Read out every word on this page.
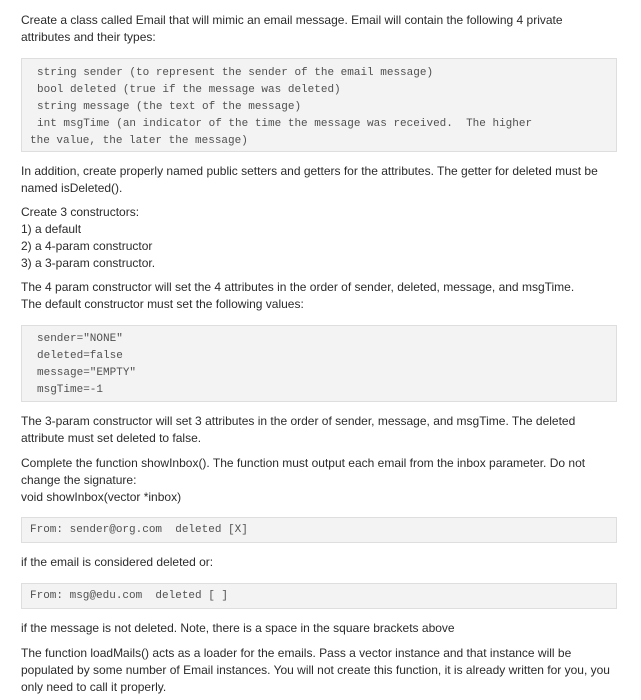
Create a class called Email that will mimic an email message. Email will contain the following 4 private
attributes and their types:

string sender (to represent the sender of the email message)
bool deleted (true if the message was deleted)
string message (the text of the message)
int msgTime (an indicator of the time the message was received.  The higher
the value, the later the message)

In addition, create properly named public setters and getters for the attributes. The getter for deleted must be
named isDeleted().

Create 3 constructors:
1) a default
2) a 4-param constructor
3) a 3-param constructor.

The 4 param constructor will set the 4 attributes in the order of sender, deleted, message, and msgTime.
The default constructor must set the following values:

sender="NONE"
deleted=false
message="EMPTY"
msgTime=-1

The 3-param constructor will set 3 attributes in the order of sender, message, and msgTime. The deleted
attribute must set deleted to false.

Complete the function showInbox(). The function must output each email from the inbox parameter. Do not
change the signature:
void showInbox(vector *inbox)

From: sender@org.com  deleted [X]

if the email is considered deleted or:

From: msg@edu.com  deleted [ ]

if the message is not deleted. Note, there is a space in the square brackets above

The function loadMails() acts as a loader for the emails. Pass a vector instance and that instance will be
populated by some number of Email instances. You will not create this function, it is already written for you, you
only need to call it properly.
